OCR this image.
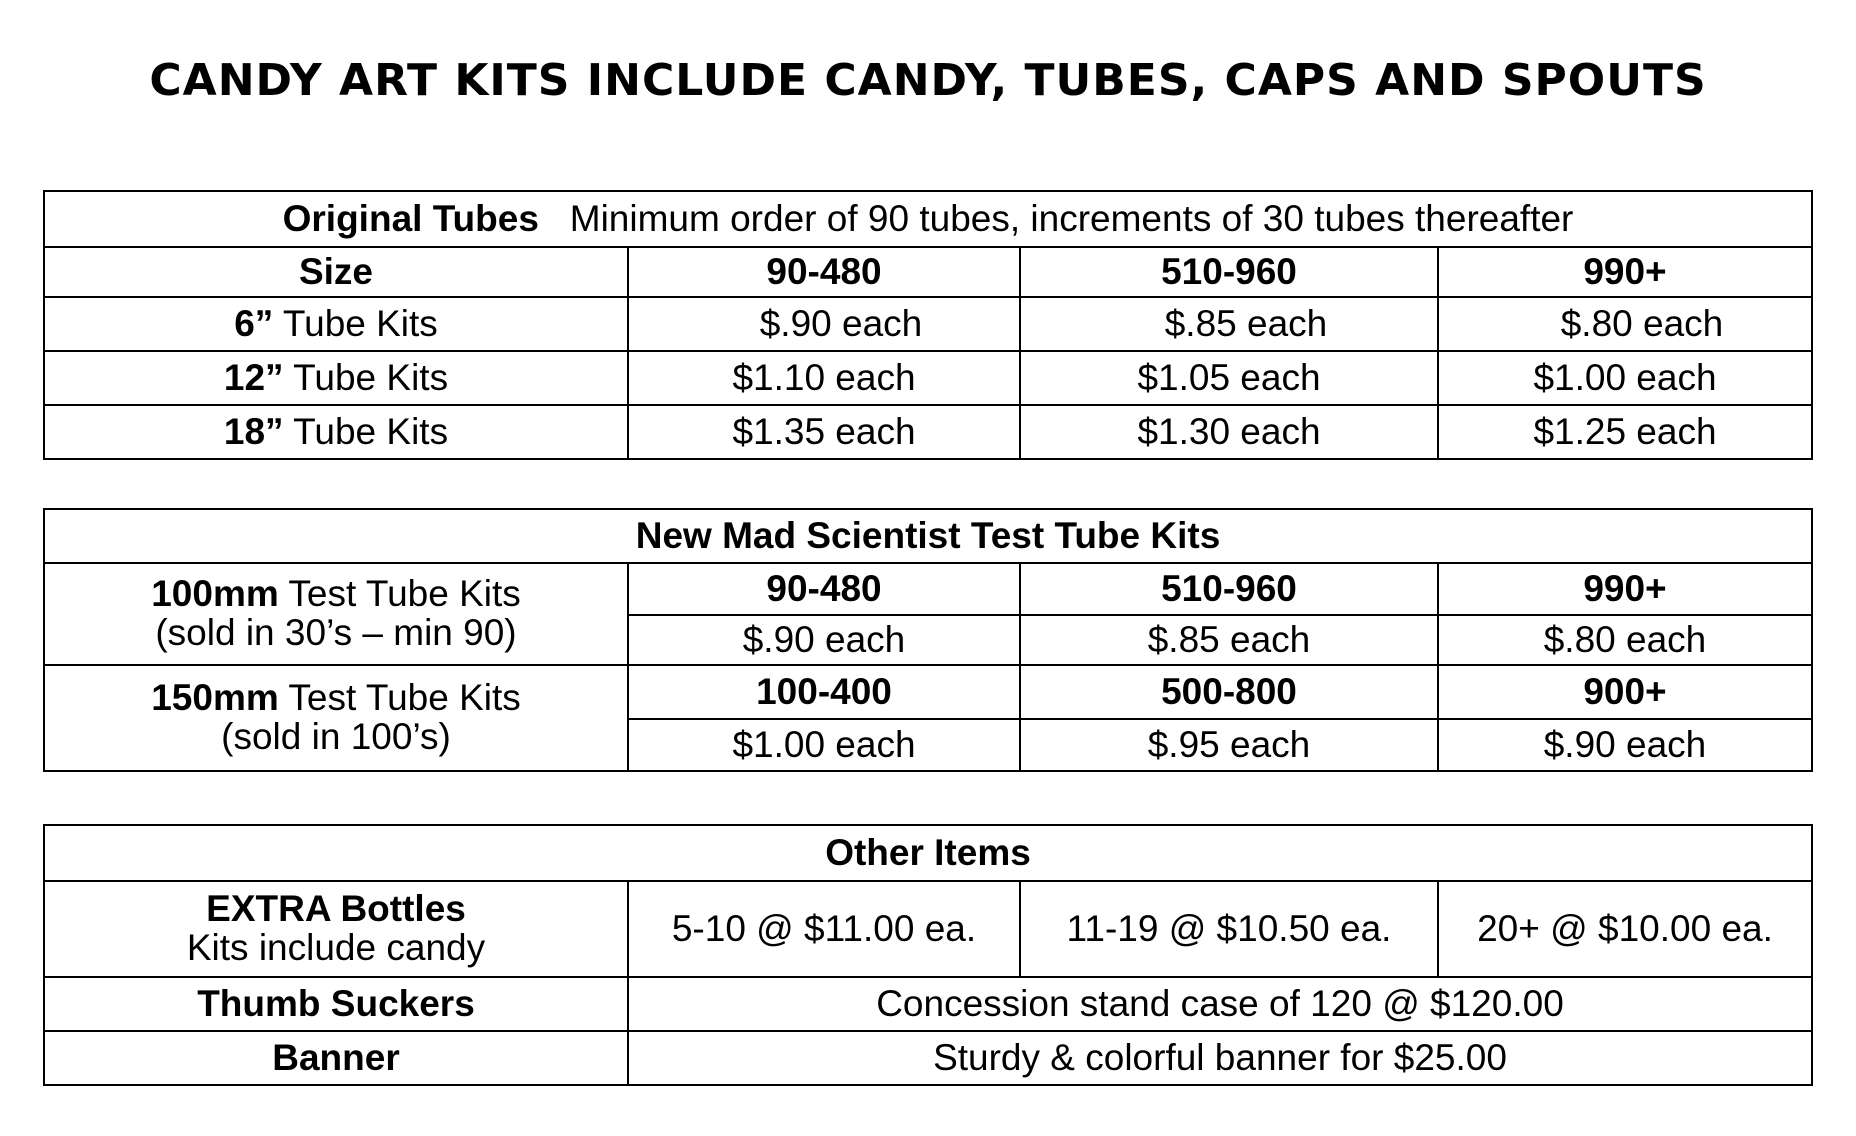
CANDY ART KITS INCLUDE CANDY, TUBES, CAPS AND SPOUTS
Original Tubes Minimum order of 90 tubes, increments of 30 tubes thereafter			
Size	90-480	510-960	990+
6” Tube Kits	$.90 each	$.85 each	$.80 each
12” Tube Kits	$1.10 each	$1.05 each	$1.00 each
18” Tube Kits	$1.35 each	$1.30 each	$1.25 each
New Mad Scientist Test Tube Kits			

100mm Test Tube Kits
(sold in 30’s – min 90)	90-480	510-960	990+
	$.90 each	$.85 each	$.80 each

150mm Test Tube Kits
(sold in 100’s)	100-400	500-800	900+
	$1.00 each	$.95 each	$.90 each
Other Items			

EXTRA Bottles
Kits include candy	5-10 @ $11.00 ea.	11-19 @ $10.50 ea.	20+ @ $10.00 ea.
Thumb Suckers	Concession stand case of 120 @ $120.00		
Banner	Sturdy & colorful banner for $25.00		
